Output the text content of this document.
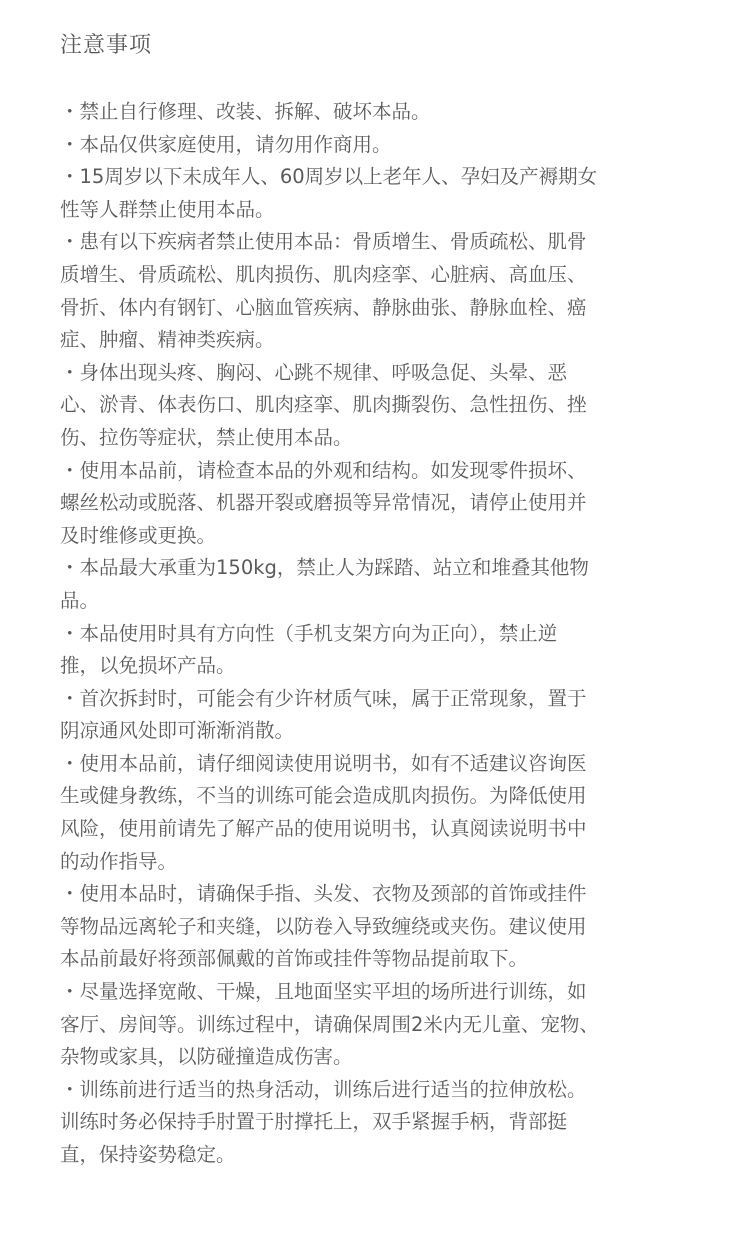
注意事项
・禁止自行修理、改装、拆解、破坏本品。
・本品仅供家庭使用，请勿用作商用。
・15周岁以下未成年人、60周岁以上老年人、孕妇及产褥期女
性等人群禁止使用本品。
・患有以下疾病者禁止使用本品：骨质增生、骨质疏松、肌骨
质增生、骨质疏松、肌肉损伤、肌肉痉挛、心脏病、高血压、
骨折、体内有钢钉、心脑血管疾病、静脉曲张、静脉血栓、癌
症、肿瘤、精神类疾病。
・身体出现头疼、胸闷、心跳不规律、呼吸急促、头晕、恶
心、淤青、体表伤口、肌肉痉挛、肌肉撕裂伤、急性扭伤、挫
伤、拉伤等症状，禁止使用本品。
・使用本品前，请检查本品的外观和结构。如发现零件损坏、
螺丝松动或脱落、机器开裂或磨损等异常情况，请停止使用并
及时维修或更换。
・本品最大承重为150kg，禁止人为踩踏、站立和堆叠其他物
品。
・本品使用时具有方向性（手机支架方向为正向），禁止逆
推，以免损坏产品。
・首次拆封时，可能会有少许材质气味，属于正常现象，置于
阴凉通风处即可渐渐消散。
・使用本品前，请仔细阅读使用说明书，如有不适建议咨询医
生或健身教练，不当的训练可能会造成肌肉损伤。为降低使用
风险，使用前请先了解产品的使用说明书，认真阅读说明书中
的动作指导。
・使用本品时，请确保手指、头发、衣物及颈部的首饰或挂件
等物品远离轮子和夹缝，以防卷入导致缠绕或夹伤。建议使用
本品前最好将颈部佩戴的首饰或挂件等物品提前取下。
・尽量选择宽敞、干燥，且地面坚实平坦的场所进行训练，如
客厅、房间等。训练过程中，请确保周围2米内无儿童、宠物、
杂物或家具，以防碰撞造成伤害。
・训练前进行适当的热身活动，训练后进行适当的拉伸放松。
训练时务必保持手肘置于肘撑托上，双手紧握手柄，背部挺
直，保持姿势稳定。
